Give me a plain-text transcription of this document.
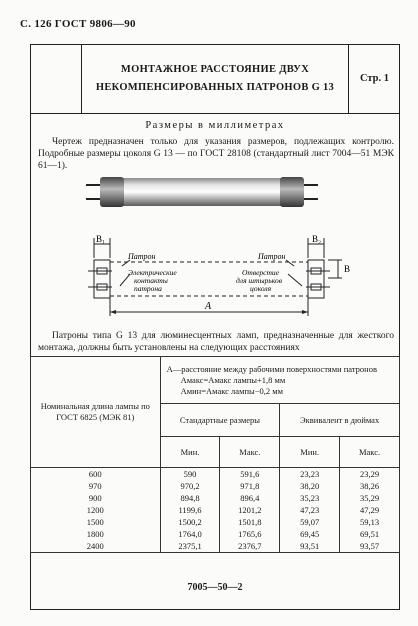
С. 126 ГОСТ 9806—90
МОНТАЖНОЕ РАССТОЯНИЕ ДВУХ
НЕКОМПЕНСИРОВАННЫХ ПАТРОНОВ G 13
Стр. 1
Размеры в миллиметрах
Чертеж предназначен только для указания размеров, подлежащих контролю. Подробные размеры цоколя G 13 — по ГОСТ 28108 (стандартный лист 7004—51 МЭК 61—1).
B₁	B₂
B
A
Патрон	Патрон
Электрические
контакты
патрона
Отверстие
для штырьков
цоколя
Патроны типа G 13 для люминесцентных ламп, предназначенные для жесткого монтажа, должны быть установлены на следующих расстояниях
Номинальная длина лампы по ГОСТ 6825 (МЭК 81)	А—расстояние между рабочими поверхностями патронов
Aмакс=Aмакс лампы+1,8 мм
Aмин=Aмакс лампы−0,2 мм			

	Стандартные размеры		Эквивалент в дюймах	
	Мин.	Макс.	Мин.	Макс.
600	590	591,6	23,23	23,29
970	970,2	971,8	38,20	38,26
900	894,8	896,4	35,23	35,29
1200	1199,6	1201,2	47,23	47,29
1500	1500,2	1501,8	59,07	59,13
1800	1764,0	1765,6	69,45	69,51
2400	2375,1	2376,7	93,51	93,57
7005—50—2
